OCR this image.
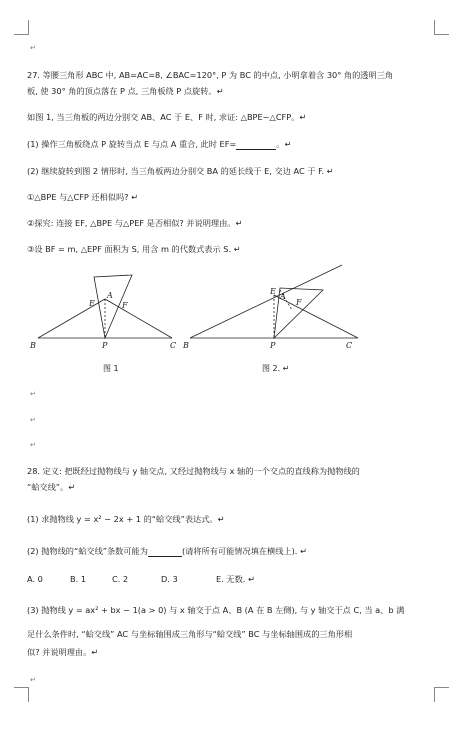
↵
27. 等腰三角形 ABC 中, AB=AC=8, ∠BAC=120°, P 为 BC 的中点, 小明拿着含 30° 角的透明三角
板, 使 30° 角的顶点落在 P 点, 三角板绕 P 点旋转。↵
如图 1, 当三角板的两边分别交 AB、AC 于 E、F 时, 求证: △BPE∽△CFP。↵
(1) 操作三角板绕点 P 旋转当点 E 与点 A 重合, 此时 EF=	。↵
(2) 继续旋转到图 2 情形时, 当三角板两边分别交 BA 的延长线于 E, 交边 AC 于 F. ↵
①△BPE 与△CFP 还相似吗? ↵
②探究: 连接 EF, △BPE 与△PEF 是否相似? 并说明理由。↵
③设 BF = m, △EPF 面积为 S, 用含 m 的代数式表示 S. ↵
B	P	C
A
E	F
B	P	C
E
A
F
图 1	图 2. ↵
↵
↵
↵
28. 定义: 把既经过抛物线与 y 轴交点, 又经过抛物线与 x 轴的一个交点的直线称为抛物线的
“蛤交线”。↵
(1) 求抛物线 y = x² − 2x + 1 的“蛤交线”表达式。↵
(2) 抛物线的“蛤交线”条数可能为	(请将所有可能情况填在横线上). ↵
A. 0	B. 1	C. 2	D. 3	E. 无数. ↵
(3) 抛物线 y = ax² + bx − 1(a > 0) 与 x 轴交于点 A、B (A 在 B 左侧), 与 y 轴交于点 C, 当 a、b 满
足什么条件时, “蛤交线” AC 与坐标轴围成三角形与“蛤交线” BC 与坐标轴围成的三角形相
似? 并说明理由。↵
↵
